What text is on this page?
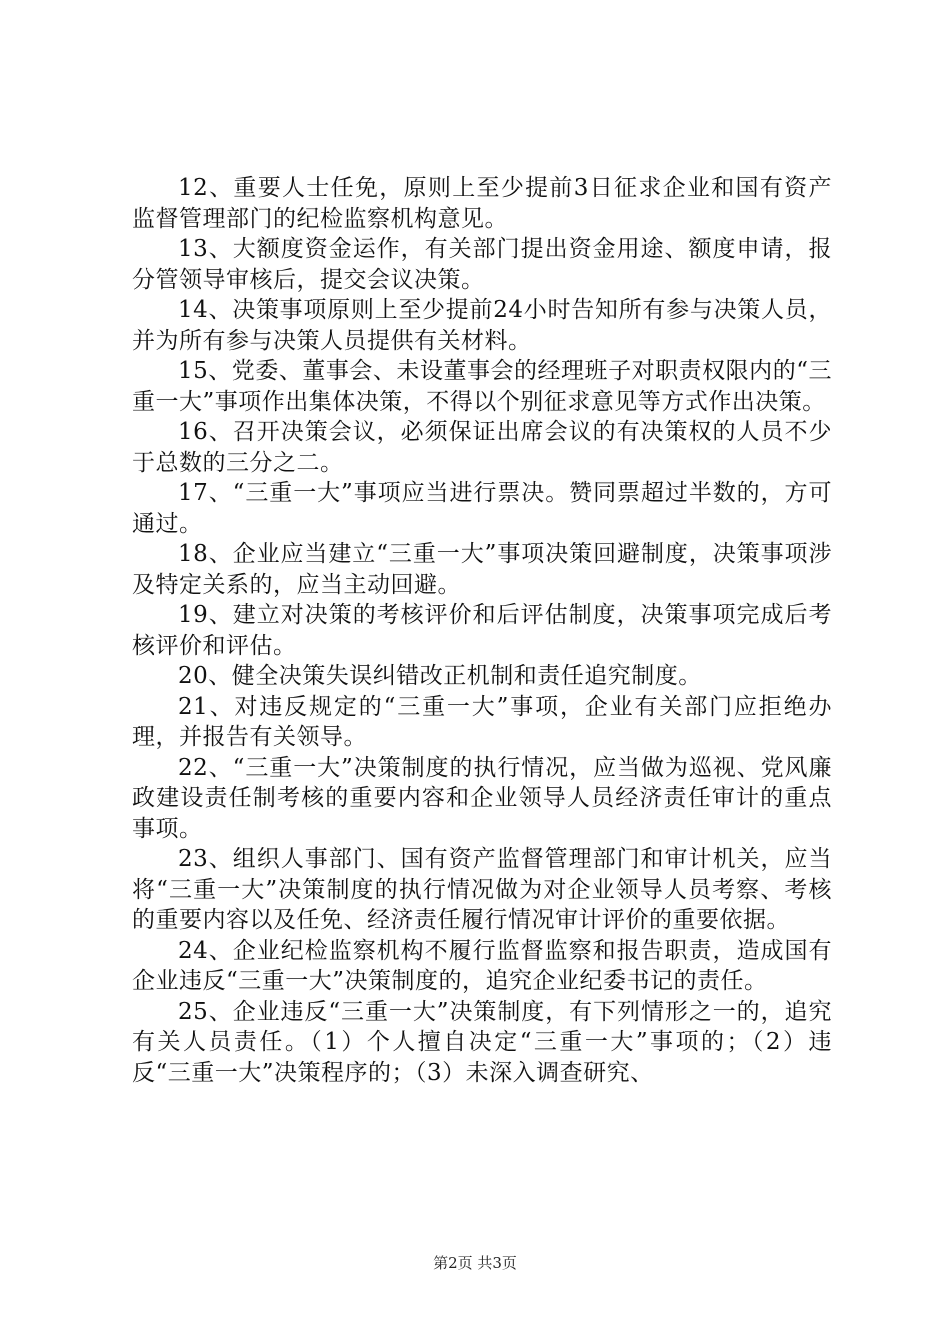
12、重要人士任免，原则上至少提前3日征求企业和国有资产监督管理部门的纪检监察机构意见。

13、大额度资金运作，有关部门提出资金用途、额度申请，报分管领导审核后，提交会议决策。

14、决策事项原则上至少提前24小时告知所有参与决策人员，并为所有参与决策人员提供有关材料。

15、党委、董事会、未设董事会的经理班子对职责权限内的“三重一大”事项作出集体决策，不得以个别征求意见等方式作出决策。

16、召开决策会议，必须保证出席会议的有决策权的人员不少于总数的三分之二。

17、“三重一大”事项应当进行票决。赞同票超过半数的，方可通过。

18、企业应当建立“三重一大”事项决策回避制度，决策事项涉及特定关系的，应当主动回避。

19、建立对决策的考核评价和后评估制度，决策事项完成后考核评价和评估。

20、健全决策失误纠错改正机制和责任追究制度。

21、对违反规定的“三重一大”事项，企业有关部门应拒绝办理，并报告有关领导。

22、“三重一大”决策制度的执行情况，应当做为巡视、党风廉政建设责任制考核的重要内容和企业领导人员经济责任审计的重点事项。

23、组织人事部门、国有资产监督管理部门和审计机关，应当将“三重一大”决策制度的执行情况做为对企业领导人员考察、考核的重要内容以及任免、经济责任履行情况审计评价的重要依据。

24、企业纪检监察机构不履行监督监察和报告职责，造成国有企业违反“三重一大”决策制度的，追究企业纪委书记的责任。

25、企业违反“三重一大”决策制度，有下列情形之一的，追究有关人员责任。（1）个人擅自决定“三重一大”事项的；（2）违反“三重一大”决策程序的；（3）未深入调查研究、

第2页 共3页
